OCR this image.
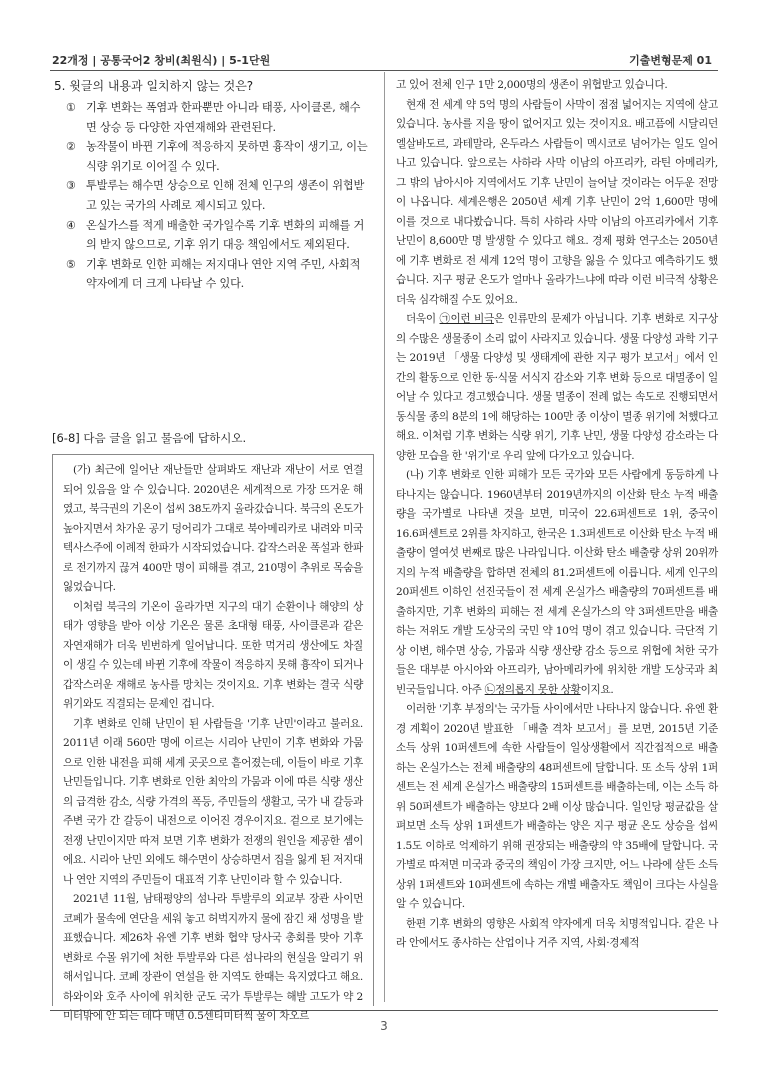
22개정 | 공통국어2 창비(최원식) | 5-1단원	기출변형문제 01
5. 윗글의 내용과 일치하지 않는 것은?
① 기후 변화는 폭염과 한파뿐만 아니라 태풍, 사이클론, 해수면 상승 등 다양한 자연재해와 관련된다.
② 농작물이 바뀐 기후에 적응하지 못하면 흉작이 생기고, 이는 식량 위기로 이어질 수 있다.
③ 투발루는 해수면 상승으로 인해 전체 인구의 생존이 위협받고 있는 국가의 사례로 제시되고 있다.
④ 온실가스를 적게 배출한 국가일수록 기후 변화의 피해를 거의 받지 않으므로, 기후 위기 대응 책임에서도 제외된다.
⑤ 기후 변화로 인한 피해는 저지대나 연안 지역 주민, 사회적 약자에게 더 크게 나타날 수 있다.
[6-8] 다음 글을 읽고 물음에 답하시오.

(가) 최근에 일어난 재난들만 살펴봐도 재난과 재난이 서로 연결되어 있음을 알 수 있습니다. 2020년은 세계적으로 가장 뜨거운 해였고, 북극권의 기온이 섭씨 38도까지 올라갔습니다. 북극의 온도가 높아지면서 차가운 공기 덩어리가 그대로 북아메리카로 내려와 미국 텍사스주에 이례적 한파가 시작되었습니다. 갑작스러운 폭설과 한파로 전기까지 끊겨 400만 명이 피해를 겪고, 210명이 추위로 목숨을 잃었습니다.

이처럼 북극의 기온이 올라가면 지구의 대기 순환이나 해양의 상태가 영향을 받아 이상 기온은 물론 초대형 태풍, 사이클론과 같은 자연재해가 더욱 빈번하게 일어납니다. 또한 먹거리 생산에도 차질이 생길 수 있는데 바뀐 기후에 작물이 적응하지 못해 흉작이 되거나 갑작스러운 재해로 농사를 망치는 것이지요. 기후 변화는 결국 식량 위기와도 직결되는 문제인 겁니다.

기후 변화로 인해 난민이 된 사람들을 '기후 난민'이라고 불러요. 2011년 이래 560만 명에 이르는 시리아 난민이 기후 변화와 가뭄으로 인한 내전을 피해 세계 곳곳으로 흩어졌는데, 이들이 바로 기후 난민들입니다. 기후 변화로 인한 최악의 가뭄과 이에 따른 식량 생산의 급격한 감소, 식량 가격의 폭등, 주민들의 생활고, 국가 내 갈등과 주변 국가 간 갈등이 내전으로 이어진 경우이지요. 겉으로 보기에는 전쟁 난민이지만 따져 보면 기후 변화가 전쟁의 원인을 제공한 셈이에요. 시리아 난민 외에도 해수면이 상승하면서 집을 잃게 된 저지대나 연안 지역의 주민들이 대표적 기후 난민이라 할 수 있습니다.

2021년 11월, 남태평양의 섬나라 투발루의 외교부 장관 사이먼 코페가 물속에 연단을 세워 놓고 허벅지까지 물에 잠긴 채 성명을 발표했습니다. 제26차 유엔 기후 변화 협약 당사국 총회를 맞아 기후 변화로 수몰 위기에 처한 투발루와 다른 섬나라의 현실을 알리기 위해서입니다. 코페 장관이 연설을 한 지역도 한때는 육지였다고 해요. 하와이와 호주 사이에 위치한 군도 국가 투발루는 해발 고도가 약 2미터밖에 안 되는 데다 매년 0.5센티미터씩 물이 차오르

고 있어 전체 인구 1만 2,000명의 생존이 위협받고 있습니다.

현재 전 세계 약 5억 명의 사람들이 사막이 점점 넓어지는 지역에 살고 있습니다. 농사를 지을 땅이 없어지고 있는 것이지요. 배고픔에 시달리던 엘살바도르, 과테말라, 온두라스 사람들이 멕시코로 넘어가는 일도 일어나고 있습니다. 앞으로는 사하라 사막 이남의 아프리카, 라틴 아메리카, 그 밖의 남아시아 지역에서도 기후 난민이 늘어날 것이라는 어두운 전망이 나옵니다. 세계은행은 2050년 세계 기후 난민이 2억 1,600만 명에 이를 것으로 내다봤습니다. 특히 사하라 사막 이남의 아프리카에서 기후 난민이 8,600만 명 발생할 수 있다고 해요. 경제 평화 연구소는 2050년에 기후 변화로 전 세계 12억 명이 고향을 잃을 수 있다고 예측하기도 했습니다. 지구 평균 온도가 얼마나 올라가느냐에 따라 이런 비극적 상황은 더욱 심각해질 수도 있어요.

더욱이 ㉠이런 비극은 인류만의 문제가 아닙니다. 기후 변화로 지구상의 수많은 생물종이 소리 없이 사라지고 있습니다. 생물 다양성 과학 기구는 2019년 「생물 다양성 및 생태계에 관한 지구 평가 보고서」에서 인간의 활동으로 인한 동·식물 서식지 감소와 기후 변화 등으로 대멸종이 일어날 수 있다고 경고했습니다. 생물 멸종이 전례 없는 속도로 진행되면서 동식물 종의 8분의 1에 해당하는 100만 종 이상이 멸종 위기에 처했다고 해요. 이처럼 기후 변화는 식량 위기, 기후 난민, 생물 다양성 감소라는 다양한 모습을 한 '위기'로 우리 앞에 다가오고 있습니다.

(나) 기후 변화로 인한 피해가 모든 국가와 모든 사람에게 동등하게 나타나지는 않습니다. 1960년부터 2019년까지의 이산화 탄소 누적 배출량을 국가별로 나타낸 것을 보면, 미국이 22.6퍼센트로 1위, 중국이 16.6퍼센트로 2위를 차지하고, 한국은 1.3퍼센트로 이산화 탄소 누적 배출량이 열여섯 번째로 많은 나라입니다. 이산화 탄소 배출량 상위 20위까지의 누적 배출량을 합하면 전체의 81.2퍼센트에 이릅니다. 세계 인구의 20퍼센트 이하인 선진국들이 전 세계 온실가스 배출량의 70퍼센트를 배출하지만, 기후 변화의 피해는 전 세계 온실가스의 약 3퍼센트만을 배출하는 저위도 개발 도상국의 국민 약 10억 명이 겪고 있습니다. 극단적 기상 이변, 해수면 상승, 가뭄과 식량 생산량 감소 등으로 위협에 처한 국가들은 대부분 아시아와 아프리카, 남아메리카에 위치한 개발 도상국과 최빈국들입니다. 아주 ㉡정의롭지 못한 상황이지요.

이러한 '기후 부정의'는 국가들 사이에서만 나타나지 않습니다. 유엔 환경 계획이 2020년 발표한 「배출 격차 보고서」를 보면, 2015년 기준 소득 상위 10퍼센트에 속한 사람들이 일상생활에서 직간접적으로 배출하는 온실가스는 전체 배출량의 48퍼센트에 달합니다. 또 소득 상위 1퍼센트는 전 세계 온실가스 배출량의 15퍼센트를 배출하는데, 이는 소득 하위 50퍼센트가 배출하는 양보다 2배 이상 많습니다. 일인당 평균값을 살펴보면 소득 상위 1퍼센트가 배출하는 양은 지구 평균 온도 상승을 섭씨 1.5도 이하로 억제하기 위해 권장되는 배출량의 약 35배에 달합니다. 국가별로 따져면 미국과 중국의 책임이 가장 크지만, 어느 나라에 살든 소득 상위 1퍼센트와 10퍼센트에 속하는 개별 배출자도 책임이 크다는 사실을 알 수 있습니다.

한편 기후 변화의 영향은 사회적 약자에게 더욱 치명적입니다. 같은 나라 안에서도 종사하는 산업이나 거주 지역, 사회·경제적

3
